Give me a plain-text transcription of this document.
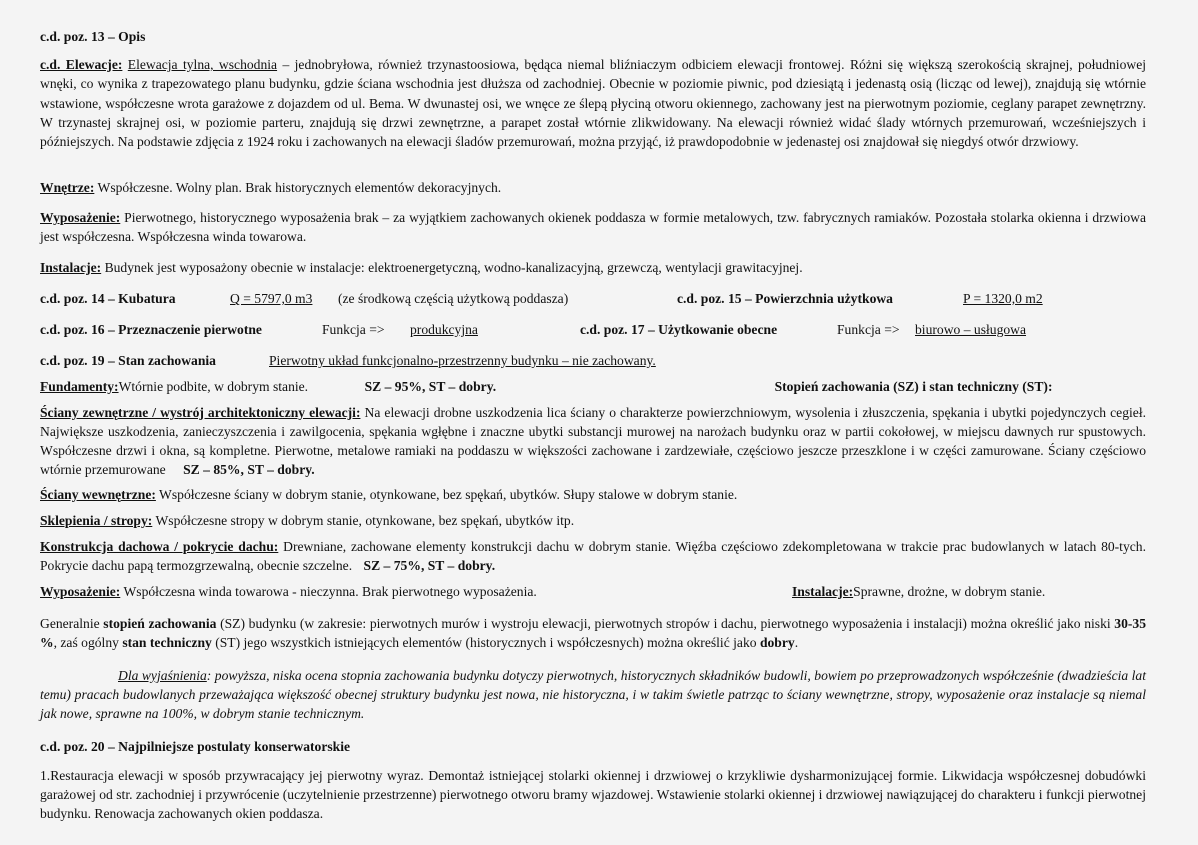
c.d. poz. 13 – Opis

c.d. Elewacje: Elewacja tylna, wschodnia – jednobryłowa, również trzynastoosiowa, będąca niemal bliźniaczym odbiciem elewacji frontowej. Różni się większą szerokością skrajnej, południowej wnęki, co wynika z trapezowatego planu budynku, gdzie ściana wschodnia jest dłuższa od zachodniej. Obecnie w poziomie piwnic, pod dziesiątą i jedenastą osią (licząc od lewej), znajdują się wtórnie wstawione, współczesne wrota garażowe z dojazdem od ul. Bema. W dwunastej osi, we wnęce ze ślepą płyciną otworu okiennego, zachowany jest na pierwotnym poziomie, ceglany parapet zewnętrzny. W trzynastej skrajnej osi, w poziomie parteru, znajdują się drzwi zewnętrzne, a parapet został wtórnie zlikwidowany. Na elewacji również widać ślady wtórnych przemurowań, wcześniejszych i późniejszych. Na podstawie zdjęcia z 1924 roku i zachowanych na elewacji śladów przemurowań, można przyjąć, iż prawdopodobnie w jedenastej osi znajdował się niegdyś otwór drzwiowy.

Wnętrze: Współczesne. Wolny plan. Brak historycznych elementów dekoracyjnych.

Wyposażenie: Pierwotnego, historycznego wyposażenia brak – za wyjątkiem zachowanych okienek poddasza w formie metalowych, tzw. fabrycznych ramiaków. Pozostała stolarka okienna i drzwiowa jest współczesna. Współczesna winda towarowa.

Instalacje: Budynek jest wyposażony obecnie w instalacje: elektroenergetyczną, wodno-kanalizacyjną, grzewczą, wentylacji grawitacyjnej.

c.d. poz. 14 – Kubatura	Q = 5797,0 m3	(ze środkową częścią użytkową poddasza)	c.d. poz. 15 – Powierzchnia użytkowa	P = 1320,0 m2
c.d. poz. 16 – Przeznaczenie pierwotne	Funkcja =>	produkcyjna	c.d. poz. 17 – Użytkowanie obecne	Funkcja =>	biurowo – usługowa
c.d. poz. 19 – Stan zachowania	Pierwotny układ funkcjonalno-przestrzenny budynku – nie zachowany.
Fundamenty: Wtórnie podbite, w dobrym stanie.	SZ – 95%, ST – dobry.	Stopień zachowania (SZ) i stan techniczny (ST):

Ściany zewnętrzne / wystrój architektoniczny elewacji: Na elewacji drobne uszkodzenia lica ściany o charakterze powierzchniowym, wysolenia i złuszczenia, spękania i ubytki pojedynczych cegieł. Największe uszkodzenia, zanieczyszczenia i zawilgocenia, spękania wgłębne i znaczne ubytki substancji murowej na narożach budynku oraz w partii cokołowej, w miejscu dawnych rur spustowych. Współczesne drzwi i okna, są kompletne. Pierwotne, metalowe ramiaki na poddaszu w większości zachowane i zardzewiałe, częściowo jeszcze przeszklone i w części zamurowane. Ściany częściowo wtórnie przemurowane SZ – 85%, ST – dobry.

Ściany wewnętrzne: Współczesne ściany w dobrym stanie, otynkowane, bez spękań, ubytków. Słupy stalowe w dobrym stanie.

Sklepienia / stropy: Współczesne stropy w dobrym stanie, otynkowane, bez spękań, ubytków itp.

Konstrukcja dachowa / pokrycie dachu: Drewniane, zachowane elementy konstrukcji dachu w dobrym stanie. Więźba częściowo zdekompletowana w trakcie prac budowlanych w latach 80-tych. Pokrycie dachu papą termozgrzewalną, obecnie szczelne. SZ – 75%, ST – dobry.

Wyposażenie: Współczesna winda towarowa - nieczynna. Brak pierwotnego wyposażenia.	Instalacje: Sprawne, drożne, w dobrym stanie.

Generalnie stopień zachowania (SZ) budynku (w zakresie: pierwotnych murów i wystroju elewacji, pierwotnych stropów i dachu, pierwotnego wyposażenia i instalacji) można określić jako niski 30-35 %, zaś ogólny stan techniczny (ST) jego wszystkich istniejących elementów (historycznych i współczesnych) można określić jako dobry.

Dla wyjaśnienia: powyższa, niska ocena stopnia zachowania budynku dotyczy pierwotnych, historycznych składników budowli, bowiem po przeprowadzonych współcześnie (dwadzieścia lat temu) pracach budowlanych przeważająca większość obecnej struktury budynku jest nowa, nie historyczna, i w takim świetle patrząc to ściany wewnętrzne, stropy, wyposażenie oraz instalacje są niemal jak nowe, sprawne na 100%, w dobrym stanie technicznym.

c.d. poz. 20 – Najpilniejsze postulaty konserwatorskie

1.Restauracja elewacji w sposób przywracający jej pierwotny wyraz. Demontaż istniejącej stolarki okiennej i drzwiowej o krzykliwie dysharmonizującej formie. Likwidacja współczesnej dobudówki garażowej od str. zachodniej i przywrócenie (uczytelnienie przestrzenne) pierwotnego otworu bramy wjazdowej. Wstawienie stolarki okiennej i drzwiowej nawiązującej do charakteru i funkcji pierwotnej budynku. Renowacja zachowanych okien poddasza.
